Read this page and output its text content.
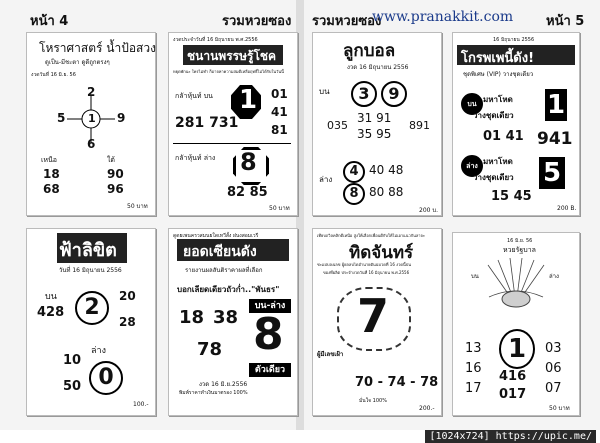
หน้า 4	รวมหวยซอง รวมหวยซอง
www.pranakkit.com	หน้า 5
โหราศาสตร์ น้ำป้อสวง
ดูเป็น-มีชะตา ดูดีถูกตรงๆ
งวดวันที่ 16 มิ.ย. 56
2
5 1 9
6
เหนือ	ใต้
18	90
68	96
50 บาท
งวดประจำวันที่ 16 มิถุนายน พ.ศ.2556
ชนานพรรษรู้โชค
หยุดพักนะ ใครไม่ทำ ก็อาจหาความสมดีเหลือฤทธิ์ไม่ได้รับในวันนี้
กลัาหุ้นท์ บน 1 01
41
81
281 731
กลัาหุ้นท์ ล่าง 8
82 85
50 บาท
ลูกบอล
งวด 16 มิถุนายน 2556
บน	3	9
035
31 91
35 95
891
ล่าง
4
8
40 48
80 88
200 บ.
16 มิถุนายน 2556
โกรพเพนี้ดัง!
ชุดพิเศษ (VIP) วางชุดเดียว
บน มหาโหด
วางชุดเดียว 1
01 41 941
ล่าง มหาโหด
วางชุดเดียว 5
15 45
200 B.
ฟ้าลิขิต
วันที่ 16 มิถุนายน 2556
บน
428 2	20
28
ล่าง
10
50 0
100.-
ดูดยเพนครวสมนยใดเทวีสั้ง ฝนงสอมเวรี
ยอดเซียนดัง
รายงานผลสันติราคาผลที่เลือก
บอกเลียดเดียวถัวก่ำ.."พันธร"
18 38
78
บน-ล่าง
8
ตัวเดียว
งวด 16 มิ.ย.2556
พิมพ์ราคาทำเงินมาตรอง 100%
เทียบถวิลคลิกดีเหนือ สูงให้เลือกเพื่อนดีกับให้ไม่เอาแนวกันลาจะ
ทิดจันทร์
ชะแบ่บลงเลข ผู้ยลลบไดอำนายตันฉบวดที่ 16 งวดนี้ปน
ของที่ผลิต ประจำงวดวันที่ 16 มิถุนายน พ.ศ.2556
7
ผู้มีเลขเฝ้า
70 - 74 - 78
มั่นใจ 100%
200.-
16 มิ.ย. 56
หวยรัฐบาล
บน	ล่าง
13
16
17
1	03
06
07
416
017
50 บาท
[1024x724] https://upic.me/
